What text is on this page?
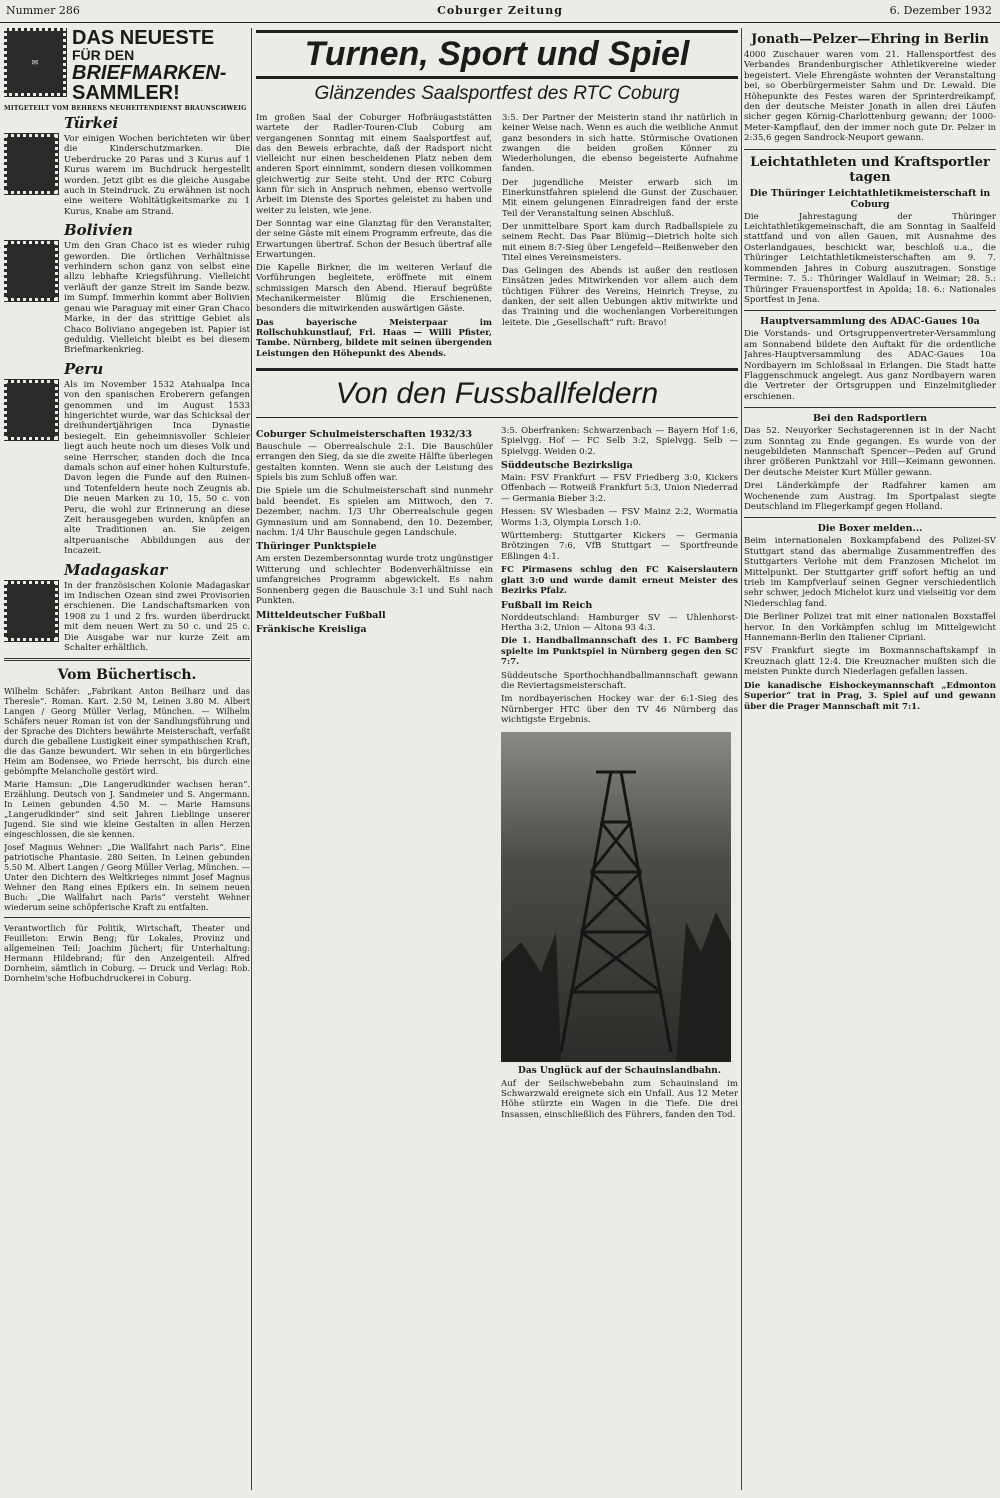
Nummer 286	Coburger Zeitung	6. Dezember 1932
✉
DAS NEUESTE
FÜR DEN
BRIEFMARKEN-
SAMMLER!
MITGETEILT VOM BEHRENS NEUHEITENDIENST BRAUNSCHWEIG
Türkei

Vor einigen Wochen berichteten wir über die Kinderschutzmarken. Die Ueberdrucke 20 Paras und 3 Kurus auf 1 Kurus warem im Buchdruck hergestellt worden. Jetzt gibt es die gleiche Ausgabe auch in Steindruck. Zu erwähnen ist noch eine weitere Wohltätigkeitsmarke zu 1 Kurus, Knabe am Strand.

Bolivien

Um den Gran Chaco ist es wieder ruhig geworden. Die örtlichen Verhältnisse verhindern schon ganz von selbst eine allzu lebhafte Kriegsführung. Vielleicht verläuft der ganze Streit im Sande bezw. im Sumpf. Immerhin kommt aber Bolivien genau wie Paraguay mit einer Gran Chaco Marke, in der das strittige Gebiet als Chaco Boliviano angegeben ist. Papier ist geduldig. Vielleicht bleibt es bei diesem Briefmarkenkrieg.

Peru

Als im November 1532 Atahualpa Inca von den spanischen Eroberern gefangen genommen und im August 1533 hingerichtet wurde, war das Schicksal der dreihundertjährigen Inca Dynastie besiegelt. Ein geheimnisvoller Schleier liegt auch heute noch um dieses Volk und seine Herrscher, standen doch die Inca damals schon auf einer hohen Kulturstufe. Davon legen die Funde auf den Ruinen- und Totenfeldern heute noch Zeugnis ab. Die neuen Marken zu 10, 15, 50 c. von Peru, die wohl zur Erinnerung an diese Zeit herausgegeben wurden, knüpfen an alte Traditionen an. Sie zeigen altperuanische Abbildungen aus der Incazeit.

Madagaskar

In der französischen Kolonie Madagaskar im Indischen Ozean sind zwei Provisorien erschienen. Die Landschaftsmarken von 1908 zu 1 und 2 frs. wurden überdruckt mit dem neuen Wert zu 50 c. und 25 c. Die Ausgabe war nur kurze Zeit am Schalter erhältlich.

Vom Büchertisch.

Wilhelm Schäfer: „Fabrikant Anton Beilharz und das Theresle“. Roman. Kart. 2.50 M, Leinen 3.80 M. Albert Langen / Georg Müller Verlag, München. — Wilhelm Schäfers neuer Roman ist von der Sandlungsführung und der Sprache des Dichters bewährte Meisterschaft, verfaßt durch die geballene Lustigkeit einer sympathischen Kraft, die das Ganze bewundert. Wir sehen in ein bürgerliches Heim am Bodensee, wo Friede herrscht, bis durch eine gebömpfte Melancholie gestört wird.

Marie Hamsun: „Die Langerudkinder wachsen heran“. Erzählung. Deutsch von J. Sandmeier und S. Angermann. In Leinen gebunden 4.50 M. — Marie Hamsuns „Langerudkinder“ sind seit Jahren Lieblinge unserer Jugend. Sie sind wie kleine Gestalten in allen Herzen eingeschlossen, die sie kennen.

Josef Magnus Wehner: „Die Wallfahrt nach Paris“. Eine patriotische Phantasie. 280 Seiten. In Leinen gebunden 5.50 M. Albert Langen / Georg Müller Verlag, München. — Unter den Dichtern des Weltkrieges nimmt Josef Magnus Wehner den Rang eines Epikers ein. In seinem neuen Buch: „Die Wallfahrt nach Paris“ versteht Wehner wiederum seine schöpferische Kraft zu entfalten.

Verantwortlich für Politik, Wirtschaft, Theater und Feuilleton: Erwin Beng; für Lokales, Provinz und allgemeinen Teil: Joachim Jüchert; für Unterhaltung: Hermann Hildebrand; für den Anzeigenteil: Alfred Dornheim, sämtlich in Coburg. — Druck und Verlag: Rob. Dornheim'sche Hofbuchdruckerei in Coburg.

Turnen, Sport und Spiel
Glänzendes Saalsportfest des RTC Coburg

Im großen Saal der Coburger Hofbräugaststätten wartete der Radler-Touren-Club Coburg am vergangenen Sonntag mit einem Saalsportfest auf, das den Beweis erbrachte, daß der Radsport nicht vielleicht nur einen bescheidenen Platz neben dem anderen Sport einnimmt, sondern diesen vollkommen gleichwertig zur Seite steht. Und der RTC Coburg kann für sich in Anspruch nehmen, ebenso wertvolle Arbeit im Dienste des Sportes geleistet zu haben und weiter zu leisten, wie jene.

Der Sonntag war eine Glanztag für den Veranstalter, der seine Gäste mit einem Programm erfreute, das die Erwartungen übertraf. Schon der Besuch übertraf alle Erwartungen.

Die Kapelle Birkner, die im weiteren Verlauf die Vorführungen begleitete, eröffnete mit einem schmissigen Marsch den Abend. Hierauf begrüßte Mechanikermeister Blümig die Erschienenen, besonders die mitwirkenden auswärtigen Gäste.

Das bayerische Meisterpaar im Rollschuhkunstlauf, Frl. Haas — Willi Pfister, Tambe. Nürnberg, bildete mit seinen übergenden Leistungen den Höhepunkt des Abends.

3:5. Der Partner der Meisterin stand ihr natürlich in keiner Weise nach. Wenn es auch die weibliche Anmut ganz besonders in sich hatte. Stürmische Ovationen zwangen die beiden großen Könner zu Wiederholungen, die ebenso begeisterte Aufnahme fanden.

Der jugendliche Meister erwarb sich im Einerkunstfahren spielend die Gunst der Zuschauer. Mit einem gelungenen Einradreigen fand der erste Teil der Veranstaltung seinen Abschluß.

Der unmittelbare Sport kam durch Radballspiele zu seinem Recht. Das Paar Blümig—Dietrich holte sich mit einem 8:7-Sieg über Lengefeld—Reißenweber den Titel eines Vereinsmeisters.

Das Gelingen des Abends ist außer den restlosen Einsätzen jedes Mitwirkenden vor allem auch dem tüchtigen Führer des Vereins, Heinrich Treyse, zu danken, der seit allen Uebungen aktiv mitwirkte und das Training und die wochenlangen Vorbereitungen leitete. Die „Gesellschaft“ ruft: Bravo!

Von den Fussballfeldern
Coburger Schulmeisterschaften 1932/33

Bauschule — Oberrealschule 2:1. Die Bauschüler errangen den Sieg, da sie die zweite Hälfte überlegen gestalten konnten. Wenn sie auch der Leistung des Spiels bis zum Schluß offen war.

Die Spiele um die Schulmeisterschaft sind nunmehr bald beendet. Es spielen am Mittwoch, den 7. Dezember, nachm. 1/3 Uhr Oberrealschule gegen Gymnasium und am Sonnabend, den 10. Dezember, nachm. 1/4 Uhr Bauschule gegen Landschule.

Thüringer Punktspiele

Am ersten Dezembersonntag wurde trotz ungünstiger Witterung und schlechter Bodenverhältnisse ein umfangreiches Programm abgewickelt. Es nahm Sonnenberg gegen die Bauschule 3:1 und Suhl nach Punkten.

Mitteldeutscher Fußball
Fränkische Kreisliga

3:5. Oberfranken: Schwarzenbach — Bayern Hof 1:6, Spielvgg. Hof — FC Selb 3:2, Spielvgg. Selb — Spielvgg. Weiden 0:2.

Süddeutsche Bezirksliga

Main: FSV Frankfurt — FSV Friedberg 3:0, Kickers Offenbach — Rotweiß Frankfurt 5:3, Union Niederrad — Germania Bieber 3:2.

Hessen: SV Wiesbaden — FSV Mainz 2:2, Wormatia Worms 1:3, Olympia Lorsch 1:0.

Württemberg: Stuttgarter Kickers — Germania Brötzingen 7:6, VfB Stuttgart — Sportfreunde Eßlingen 4:1.

FC Pirmasens schlug den FC Kaiserslautern glatt 3:0 und wurde damit erneut Meister des Bezirks Pfalz.

Fußball im Reich

Norddeutschland: Hamburger SV — Uhlenhorst-Hertha 3:2, Union — Altona 93 4:3.

Die 1. Handballmannschaft des 1. FC Bamberg spielte im Punktspiel in Nürnberg gegen den SC 7:7.

Süddeutsche Sporthochhandballmannschaft gewann die Reviertagsmeisterschaft.

Im nordbayerischen Hockey war der 6:1-Sieg des Nürnberger HTC über den TV 46 Nürnberg das wichtigste Ergebnis.

Das Unglück auf der Schauinslandbahn.

Auf der Seilschwebebahn zum Schauinsland im Schwarzwald ereignete sich ein Unfall. Aus 12 Meter Höhe stürzte ein Wagen in die Tiefe. Die drei Insassen, einschließlich des Führers, fanden den Tod.

Jonath—Pelzer—Ehring in Berlin

4000 Zuschauer waren vom 21. Hallensportfest des Verbandes Brandenburgischer Athletikvereine wieder begeistert. Viele Ehrengäste wohnten der Veranstaltung bei, so Oberbürgermeister Sahm und Dr. Lewald. Die Höhepunkte des Festes waren der Sprinterdreikampf, den der deutsche Meister Jonath in allen drei Läufen sicher gegen Körnig-Charlottenburg gewann; der 1000-Meter-Kampflauf, den der immer noch gute Dr. Pelzer in 2:35,6 gegen Sandrock-Neuport gewann.

Leichtathleten und Kraftsportler tagen
Die Thüringer Leichtathletikmeisterschaft in Coburg

Die Jahrestagung der Thüringer Leichtathletikgemeinschaft, die am Sonntag in Saalfeld stattfand und von allen Gauen, mit Ausnahme des Osterlandgaues, beschickt war, beschloß u.a., die Thüringer Leichtathletikmeisterschaften am 9. 7. kommenden Jahres in Coburg auszutragen. Sonstige Termine: 7. 5.: Thüringer Waldlauf in Weimar; 28. 5.: Thüringer Frauensportfest in Apolda; 18. 6.: Nationales Sportfest in Jena.

Hauptversammlung des ADAC-Gaues 10a

Die Vorstands- und Ortsgruppenvertreter-Versammlung am Sonnabend bildete den Auftakt für die ordentliche Jahres-Hauptversammlung des ADAC-Gaues 10a Nordbayern im Schloßsaal in Erlangen. Die Stadt hatte Flaggenschmuck angelegt. Aus ganz Nordbayern waren die Vertreter der Ortsgruppen und Einzelmitglieder erschienen.

Bei den Radsportlern

Das 52. Neuyorker Sechstagerennen ist in der Nacht zum Sonntag zu Ende gegangen. Es wurde von der neugebildeten Mannschaft Spencer—Peden auf Grund ihrer größeren Punktzahl vor Hill—Keimann gewonnen. Der deutsche Meister Kurt Müller gewann.

Drei Länderkämpfe der Radfahrer kamen am Wochenende zum Austrag. Im Sportpalast siegte Deutschland im Fliegerkampf gegen Holland.

Die Boxer melden...

Beim internationalen Boxkampfabend des Polizei-SV Stuttgart stand das abermalige Zusammentreffen des Stuttgarters Verlohe mit dem Franzosen Michelot im Mittelpunkt. Der Stuttgarter griff sofort heftig an und trieb im Kampfverlauf seinen Gegner verschiedentlich sehr schwer, jedoch Michelot kurz und vielseitig vor dem Niederschlag fand.

Die Berliner Polizei trat mit einer nationalen Boxstaffel hervor. In den Vorkämpfen schlug im Mittelgewicht Hannemann-Berlin den Italiener Cipriani.

FSV Frankfurt siegte im Boxmannschaftskampf in Kreuznach glatt 12:4. Die Kreuznacher mußten sich die meisten Punkte durch Niederlagen gefallen lassen.

Die kanadische Eishockeymannschaft „Edmonton Superior“ trat in Prag, 3. Spiel auf und gewann über die Prager Mannschaft mit 7:1.
